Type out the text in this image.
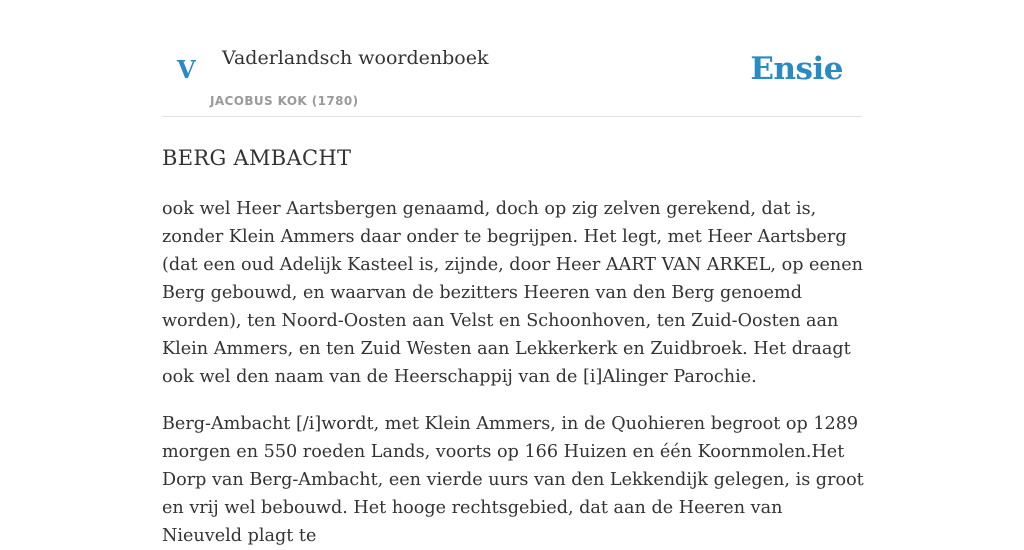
V Vaderlandsch woordenboek
JACOBUS KOK (1780)
Ensie
BERG AMBACHT

ook wel Heer Aartsbergen genaamd, doch op zig zelven gerekend, dat is, zonder Klein Ammers daar onder te begrijpen. Het legt, met Heer Aartsberg (dat een oud Adelijk Kasteel is, zijnde, door Heer AART VAN ARKEL, op eenen Berg gebouwd, en waarvan de bezitters Heeren van den Berg genoemd worden), ten Noord-Oosten aan Velst en Schoonhoven, ten Zuid-Oosten aan Klein Ammers, en ten Zuid Westen aan Lekkerkerk en Zuidbroek. Het draagt ook wel den naam van de Heerschappij van de [i]Alinger Parochie.

Berg-Ambacht [/i]wordt, met Klein Ammers, in de Quohieren begroot op 1289 morgen en 550 roeden Lands, voorts op 166 Huizen en één Koornmolen.Het Dorp van Berg-Ambacht, een vierde uurs van den Lekkendijk gelegen, is groot en vrij wel bebouwd. Het hooge rechtsgebied, dat aan de Heeren van Nieuveld plagt te
